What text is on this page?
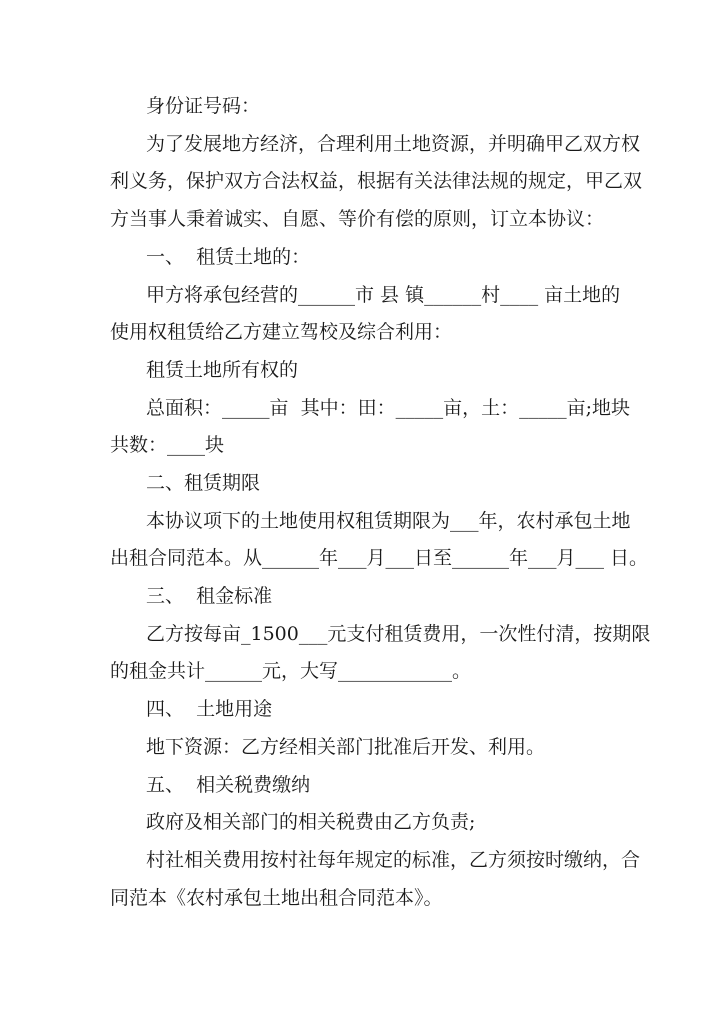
身份证号码：
为了发展地方经济，合理利用土地资源，并明确甲乙双方权
利义务，保护双方合法权益，根据有关法律法规的规定，甲乙双
方当事人秉着诚实、自愿、等价有偿的原则，订立本协议：
一、  租赁土地的：
甲方将承包经营的______市 县 镇______村____ 亩土地的
使用权租赁给乙方建立驾校及综合利用：
租赁土地所有权的
总面积：_____亩  其中：田：_____亩，土：_____亩;地块
共数：____块
二、租赁期限
本协议项下的土地使用权租赁期限为___年，农村承包土地
出租合同范本。从______年___月___日至______年___月___ 日。
三、  租金标准
乙方按每亩_1500___元支付租赁费用，一次性付清，按期限
的租金共计______元，大写____________。
四、  土地用途
地下资源：乙方经相关部门批准后开发、利用。
五、  相关税费缴纳
政府及相关部门的相关税费由乙方负责;
村社相关费用按村社每年规定的标准，乙方须按时缴纳，合
同范本《农村承包土地出租合同范本》。
